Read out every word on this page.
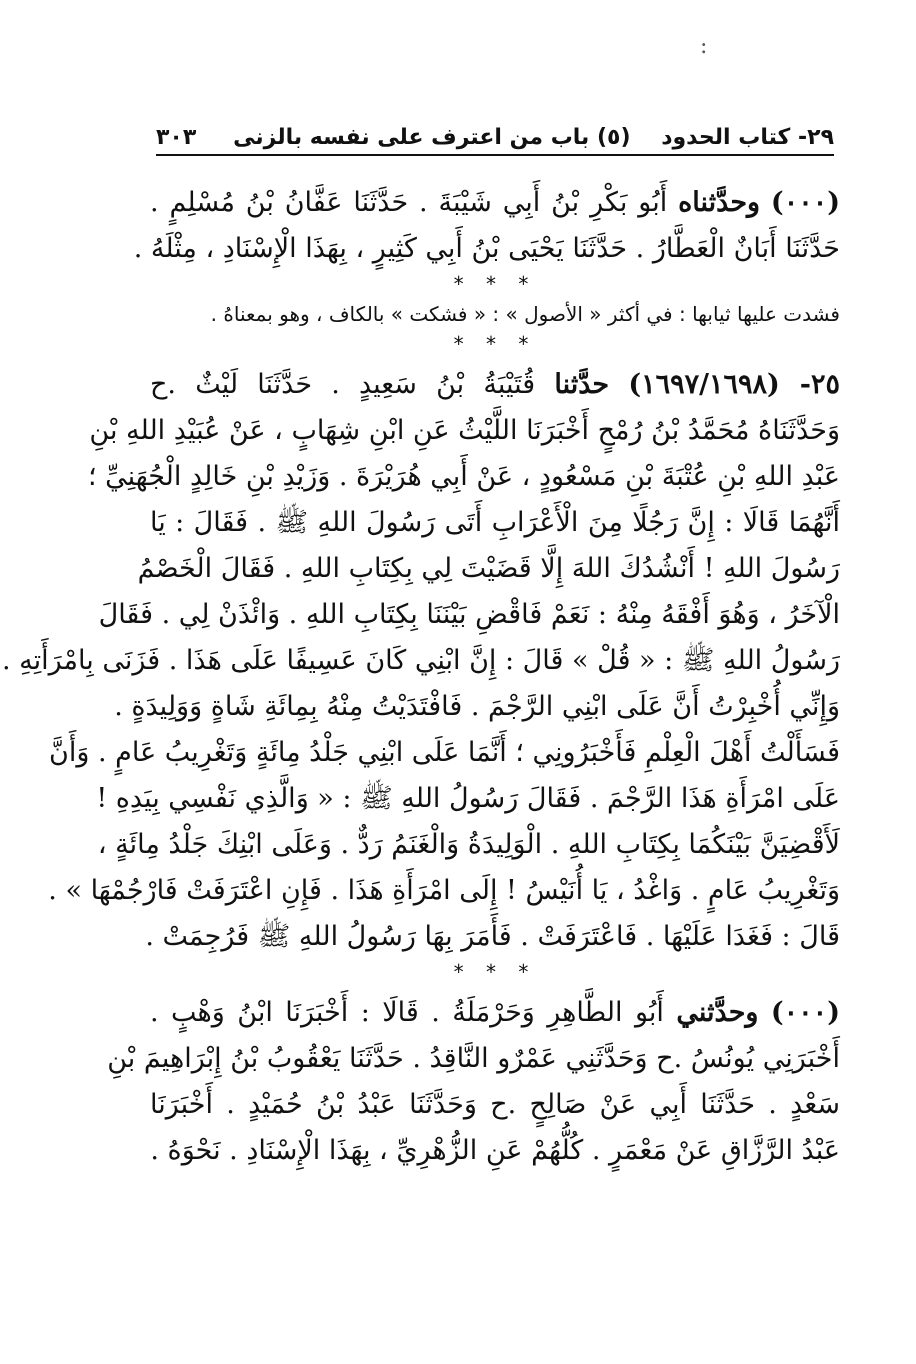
:
٢٩- كتاب الحدود    (٥) باب من اعترف على نفسه بالزنى
٣٠٣
(٠٠٠) وحدَّثناه أَبُو بَكْرِ بْنُ أَبِي شَيْبَةَ . حَدَّثَنَا عَفَّانُ بْنُ مُسْلِمٍ .
حَدَّثَنَا أَبَانٌ الْعَطَّارُ . حَدَّثَنَا يَحْيَى بْنُ أَبِي كَثِيرٍ ، بِهَذَا الْإِسْنَادِ ، مِثْلَهُ .
* * *
فشدت عليها ثيابها : في أكثر « الأصول » : « فشكت » بالكاف ، وهو بمعناهُ .
* * *
٢٥- (١٦٩٧/١٦٩٨) حدَّثنا قُتَيْبَةُ بْنُ سَعِيدٍ . حَدَّثَنَا لَيْثٌ .ح
وَحَدَّثَنَاهُ مُحَمَّدُ بْنُ رُمْحٍ أَخْبَرَنَا اللَّيْثُ عَنِ ابْنِ شِهَابٍ ، عَنْ عُبَيْدِ اللهِ بْنِ
عَبْدِ اللهِ بْنِ عُتْبَةَ بْنِ مَسْعُودٍ ، عَنْ أَبِي هُرَيْرَةَ . وَزَيْدِ بْنِ خَالِدٍ الْجُهَنِيِّ ؛
أَنَّهُمَا قَالَا : إِنَّ رَجُلًا مِنَ الْأَعْرَابِ أَتَى رَسُولَ اللهِ ﷺ . فَقَالَ : يَا
رَسُولَ اللهِ ! أَنْشُدُكَ اللهَ إِلَّا قَضَيْتَ لِي بِكِتَابِ اللهِ . فَقَالَ الْخَصْمُ
الْآخَرُ ، وَهُوَ أَفْقَهُ مِنْهُ : نَعَمْ فَاقْضِ بَيْنَنَا بِكِتَابِ اللهِ . وَائْذَنْ لِي . فَقَالَ
رَسُولُ اللهِ ﷺ : « قُلْ » قَالَ : إِنَّ ابْنِي كَانَ عَسِيفًا عَلَى هَذَا . فَزَنَى بِامْرَأَتِهِ .
وَإِنِّي أُخْبِرْتُ أَنَّ عَلَى ابْنِي الرَّجْمَ . فَافْتَدَيْتُ مِنْهُ بِمِائَةِ شَاةٍ وَوَلِيدَةٍ .
فَسَأَلْتُ أَهْلَ الْعِلْمِ فَأَخْبَرُونِي ؛ أَنَّمَا عَلَى ابْنِي جَلْدُ مِائَةٍ وَتَغْرِيبُ عَامٍ . وَأَنَّ
عَلَى امْرَأَةِ هَذَا الرَّجْمَ . فَقَالَ رَسُولُ اللهِ ﷺ : « وَالَّذِي نَفْسِي بِيَدِهِ !
لَأَقْضِيَنَّ بَيْنَكُمَا بِكِتَابِ اللهِ . الْوَلِيدَةُ وَالْغَنَمُ رَدٌّ . وَعَلَى ابْنِكَ جَلْدُ مِائَةٍ ،
وَتَغْرِيبُ عَامٍ . وَاغْدُ ، يَا أُنَيْسُ ! إِلَى امْرَأَةِ هَذَا . فَإِنِ اعْتَرَفَتْ فَارْجُمْهَا » .
قَالَ : فَغَدَا عَلَيْهَا . فَاعْتَرَفَتْ . فَأَمَرَ بِهَا رَسُولُ اللهِ ﷺ فَرُجِمَتْ .
* * *
(٠٠٠) وحدَّثني أَبُو الطَّاهِرِ وَحَرْمَلَةُ . قَالَا : أَخْبَرَنَا ابْنُ وَهْبٍ .
أَخْبَرَنِي يُونُسُ .ح وَحَدَّثَنِي عَمْرٌو النَّاقِدُ . حَدَّثَنَا يَعْقُوبُ بْنُ إِبْرَاهِيمَ بْنِ
سَعْدٍ . حَدَّثَنَا أَبِي عَنْ صَالِحٍ .ح وَحَدَّثَنَا عَبْدُ بْنُ حُمَيْدٍ . أَخْبَرَنَا
عَبْدُ الرَّزَّاقِ عَنْ مَعْمَرٍ . كُلُّهُمْ عَنِ الزُّهْرِيِّ ، بِهَذَا الْإِسْنَادِ . نَحْوَهُ .
